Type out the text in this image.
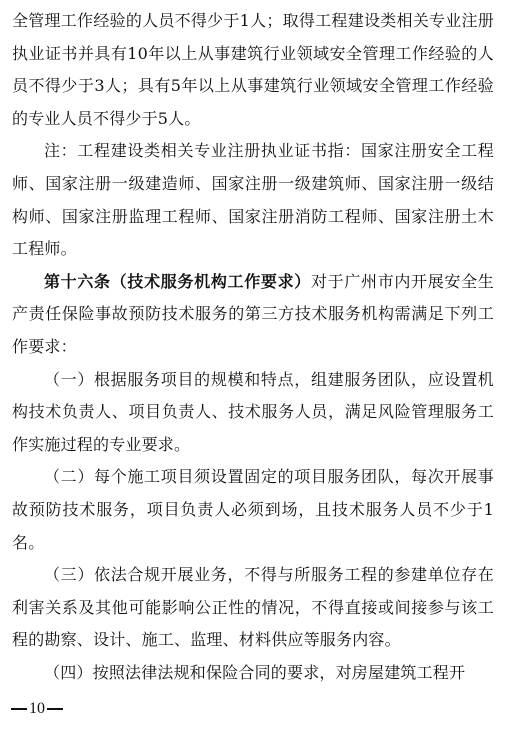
全管理工作经验的人员不得少于1人；取得工程建设类相关专业注册执业证书并具有10年以上从事建筑行业领域安全管理工作经验的人员不得少于3人；具有5年以上从事建筑行业领域安全管理工作经验的专业人员不得少于5人。

注：工程建设类相关专业注册执业证书指：国家注册安全工程师、国家注册一级建造师、国家注册一级建筑师、国家注册一级结构师、国家注册监理工程师、国家注册消防工程师、国家注册土木工程师。

第十六条（技术服务机构工作要求）对于广州市内开展安全生产责任保险事故预防技术服务的第三方技术服务机构需满足下列工作要求：

（一）根据服务项目的规模和特点，组建服务团队，应设置机构技术负责人、项目负责人、技术服务人员，满足风险管理服务工作实施过程的专业要求。

（二）每个施工项目须设置固定的项目服务团队，每次开展事故预防技术服务，项目负责人必须到场，且技术服务人员不少于1名。

（三）依法合规开展业务，不得与所服务工程的参建单位存在利害关系及其他可能影响公正性的情况，不得直接或间接参与该工程的勘察、设计、施工、监理、材料供应等服务内容。

（四）按照法律法规和保险合同的要求，对房屋建筑工程开

10
